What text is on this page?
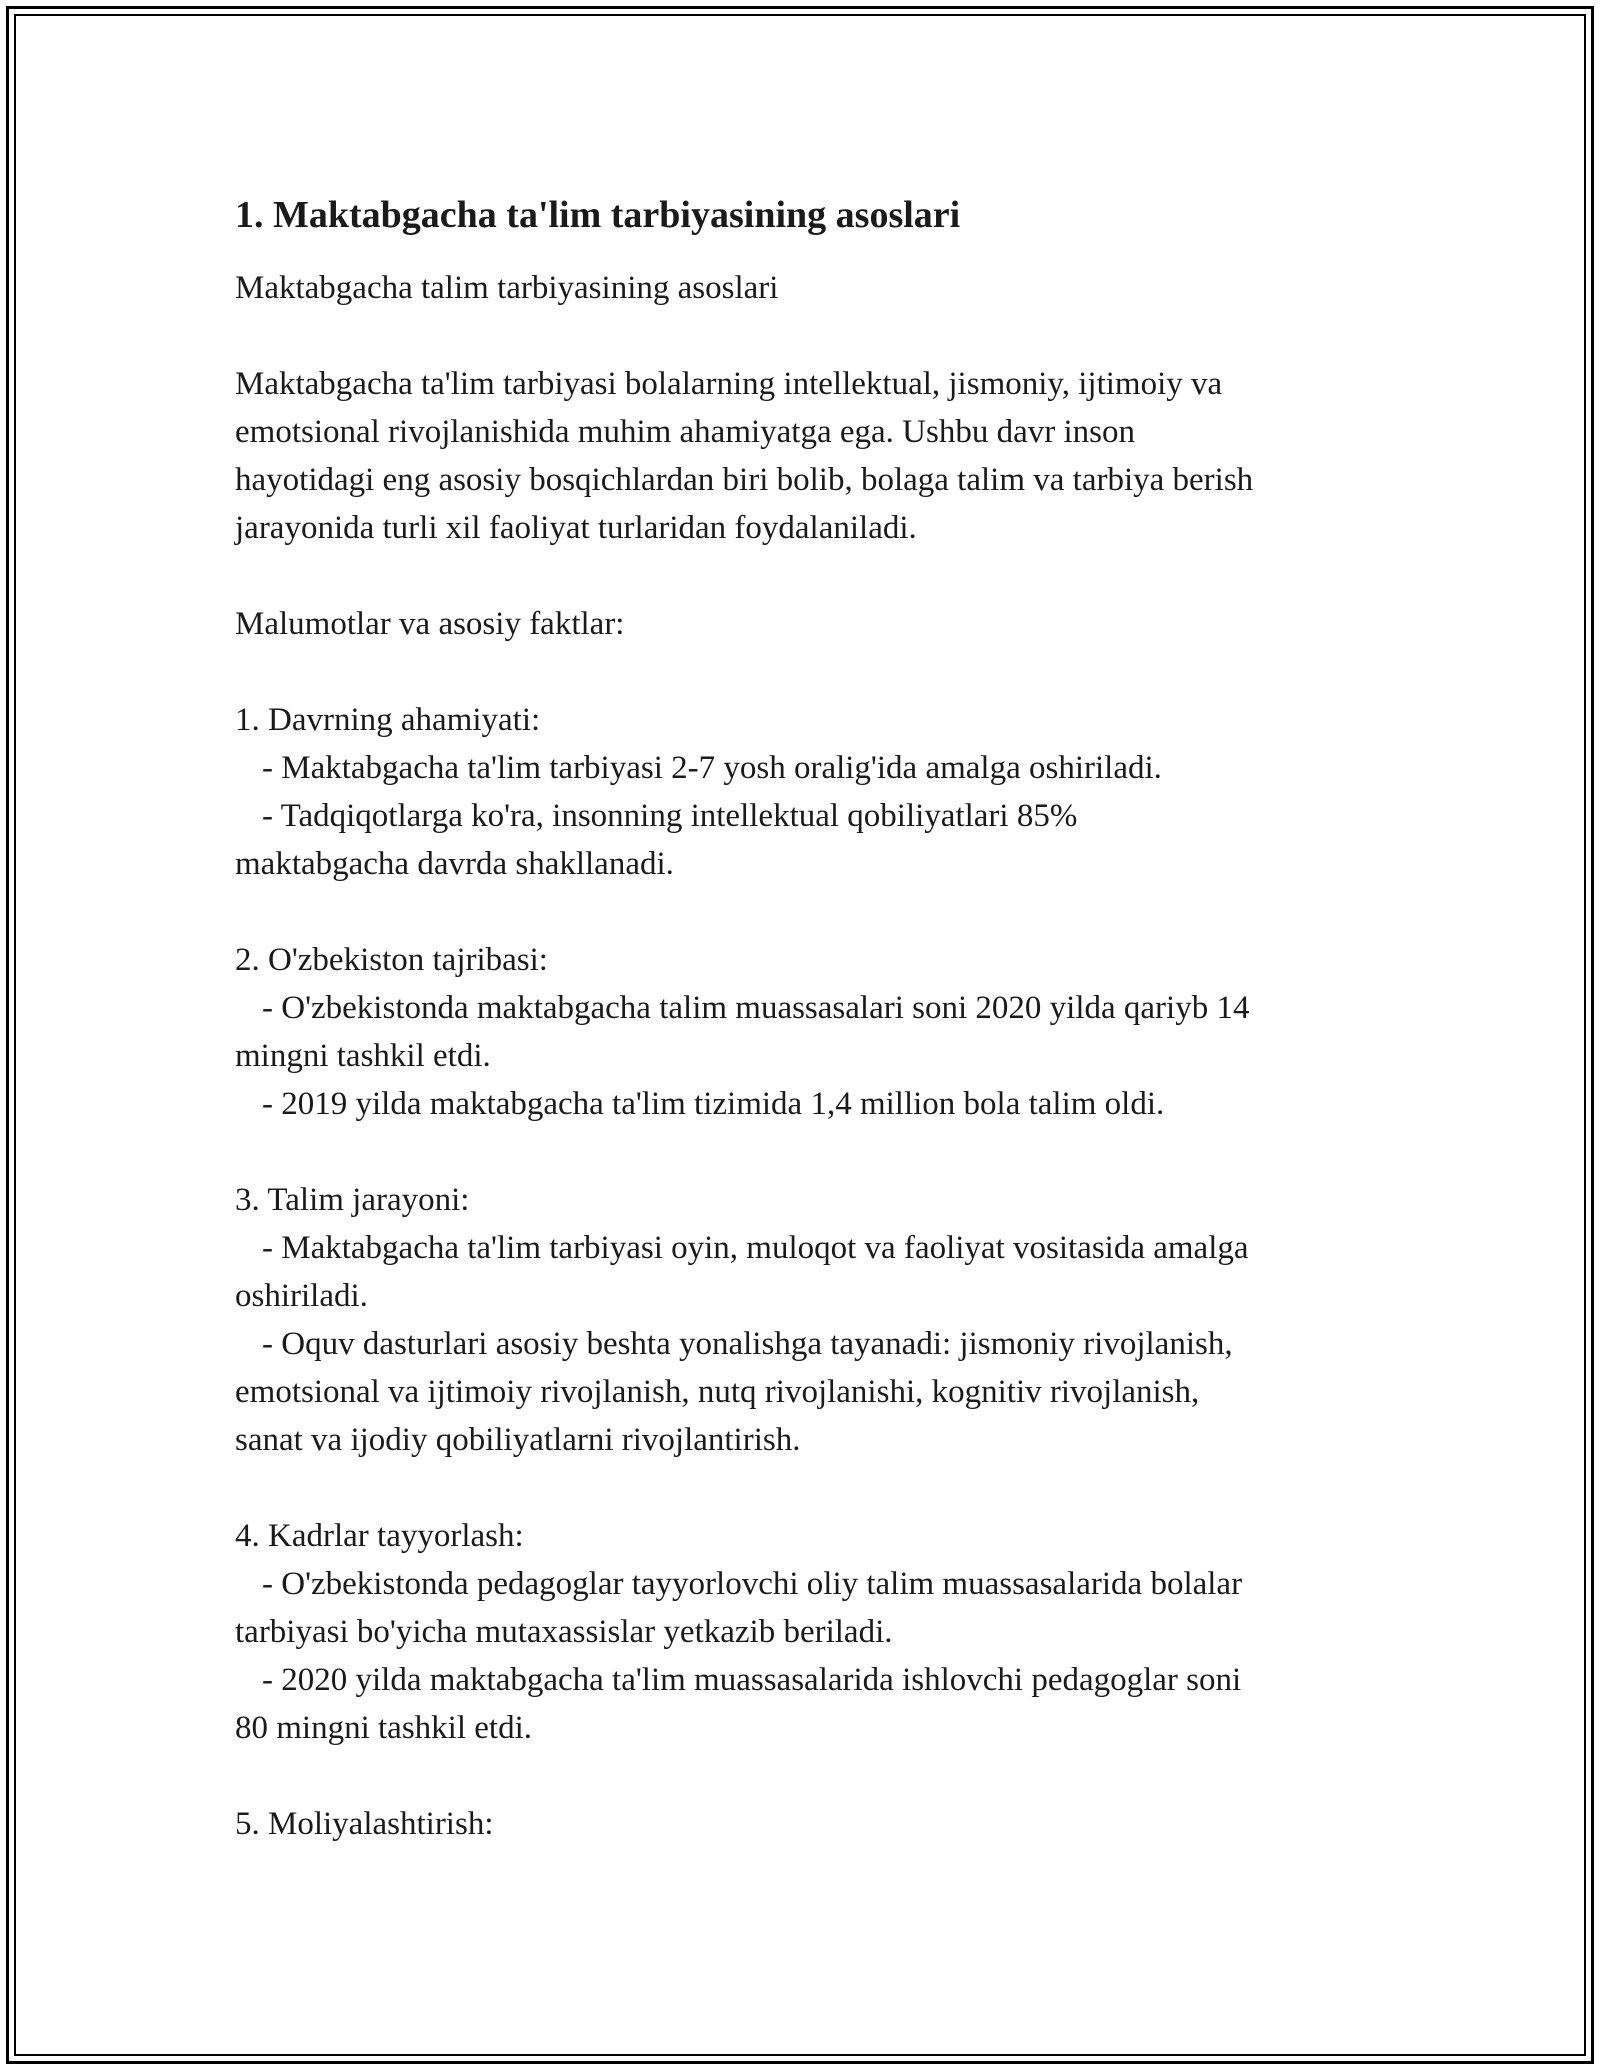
1. Maktabgacha ta'lim tarbiyasining asoslari
Maktabgacha talim tarbiyasining asoslari
Maktabgacha ta'lim tarbiyasi bolalarning intellektual, jismoniy, ijtimoiy va
emotsional rivojlanishida muhim ahamiyatga ega. Ushbu davr inson
hayotidagi eng asosiy bosqichlardan biri bolib, bolaga talim va tarbiya berish
jarayonida turli xil faoliyat turlaridan foydalaniladi.
Malumotlar va asosiy faktlar:
1. Davrning ahamiyati:
- Maktabgacha ta'lim tarbiyasi 2-7 yosh oralig'ida amalga oshiriladi.
- Tadqiqotlarga ko'ra, insonning intellektual qobiliyatlari 85%
maktabgacha davrda shakllanadi.
2. O'zbekiston tajribasi:
- O'zbekistonda maktabgacha talim muassasalari soni 2020 yilda qariyb 14
mingni tashkil etdi.
- 2019 yilda maktabgacha ta'lim tizimida 1,4 million bola talim oldi.
3. Talim jarayoni:
- Maktabgacha ta'lim tarbiyasi oyin, muloqot va faoliyat vositasida amalga
oshiriladi.
- Oquv dasturlari asosiy beshta yonalishga tayanadi: jismoniy rivojlanish,
emotsional va ijtimoiy rivojlanish, nutq rivojlanishi, kognitiv rivojlanish,
sanat va ijodiy qobiliyatlarni rivojlantirish.
4. Kadrlar tayyorlash:
- O'zbekistonda pedagoglar tayyorlovchi oliy talim muassasalarida bolalar
tarbiyasi bo'yicha mutaxassislar yetkazib beriladi.
- 2020 yilda maktabgacha ta'lim muassasalarida ishlovchi pedagoglar soni
80 mingni tashkil etdi.
5. Moliyalashtirish:
